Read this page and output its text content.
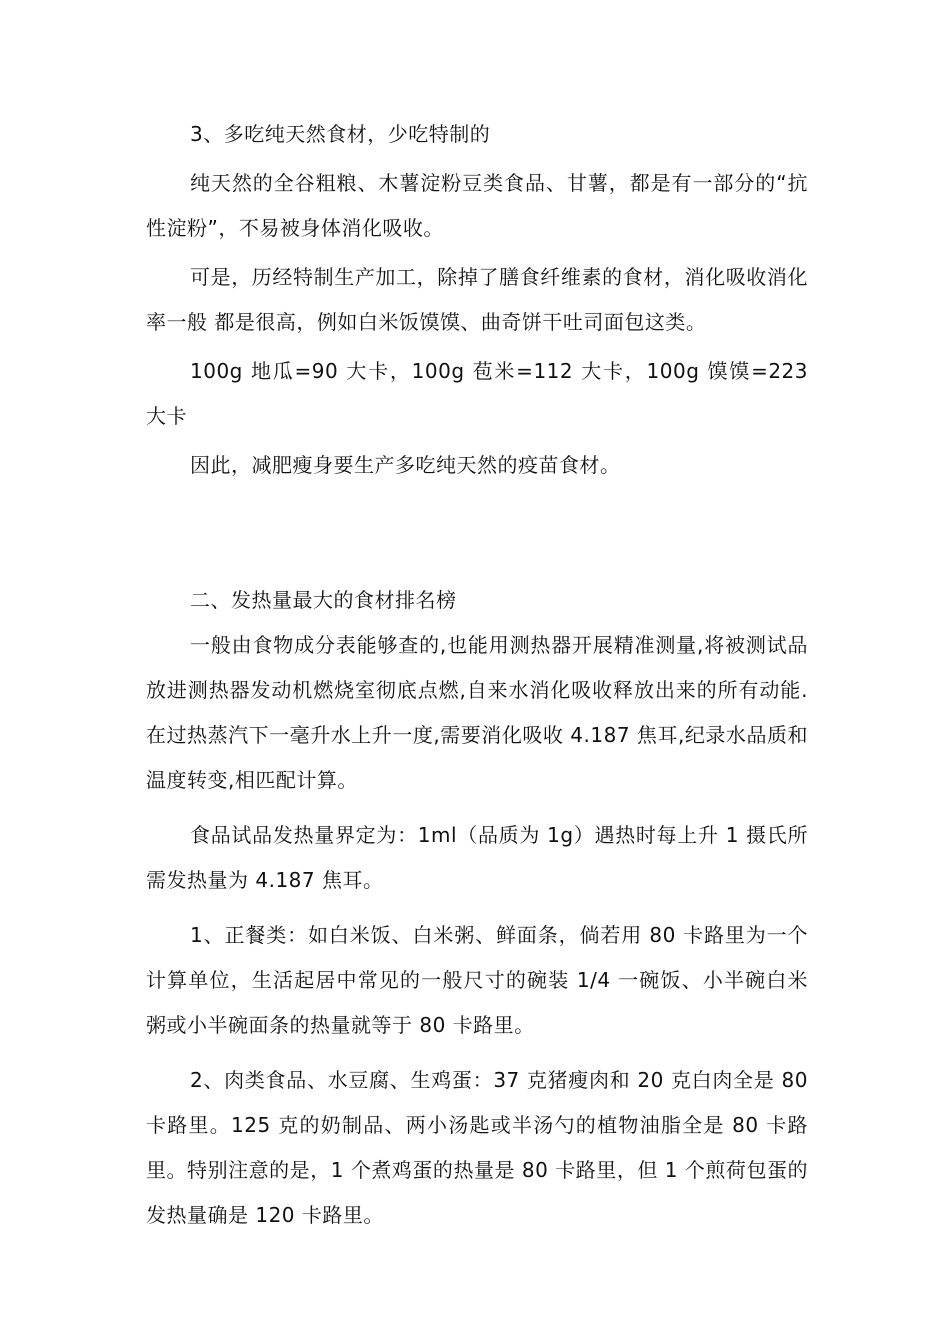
3、多吃纯天然食材，少吃特制的

纯天然的全谷粗粮、木薯淀粉豆类食品、甘薯，都是有一部分的“抗性淀粉”，不易被身体消化吸收。

可是，历经特制生产加工，除掉了膳食纤维素的食材，消化吸收消化率一般 都是很高，例如白米饭馍馍、曲奇饼干吐司面包这类。

100g 地瓜=90 大卡，100g 苞米=112 大卡，100g 馍馍=223 大卡

因此，减肥瘦身要生产多吃纯天然的疫苗食材。

二、发热量最大的食材排名榜

一般由食物成分表能够查的,也能用测热器开展精准测量,将被测试品放进测热器发动机燃烧室彻底点燃,自来水消化吸收释放出来的所有动能.在过热蒸汽下一毫升水上升一度,需要消化吸收 4.187 焦耳,纪录水品质和温度转变,相匹配计算。

食品试品发热量界定为：1ml（品质为 1g）遇热时每上升 1 摄氏所需发热量为 4.187 焦耳。

1、正餐类：如白米饭、白米粥、鲜面条，倘若用 80 卡路里为一个计算单位，生活起居中常见的一般尺寸的碗装 1/4 一碗饭、小半碗白米粥或小半碗面条的热量就等于 80 卡路里。

2、肉类食品、水豆腐、生鸡蛋：37 克猪瘦肉和 20 克白肉全是 80 卡路里。125 克的奶制品、两小汤匙或半汤勺的植物油脂全是 80 卡路里。特别注意的是，1 个煮鸡蛋的热量是 80 卡路里，但 1 个煎荷包蛋的发热量确是 120 卡路里。
